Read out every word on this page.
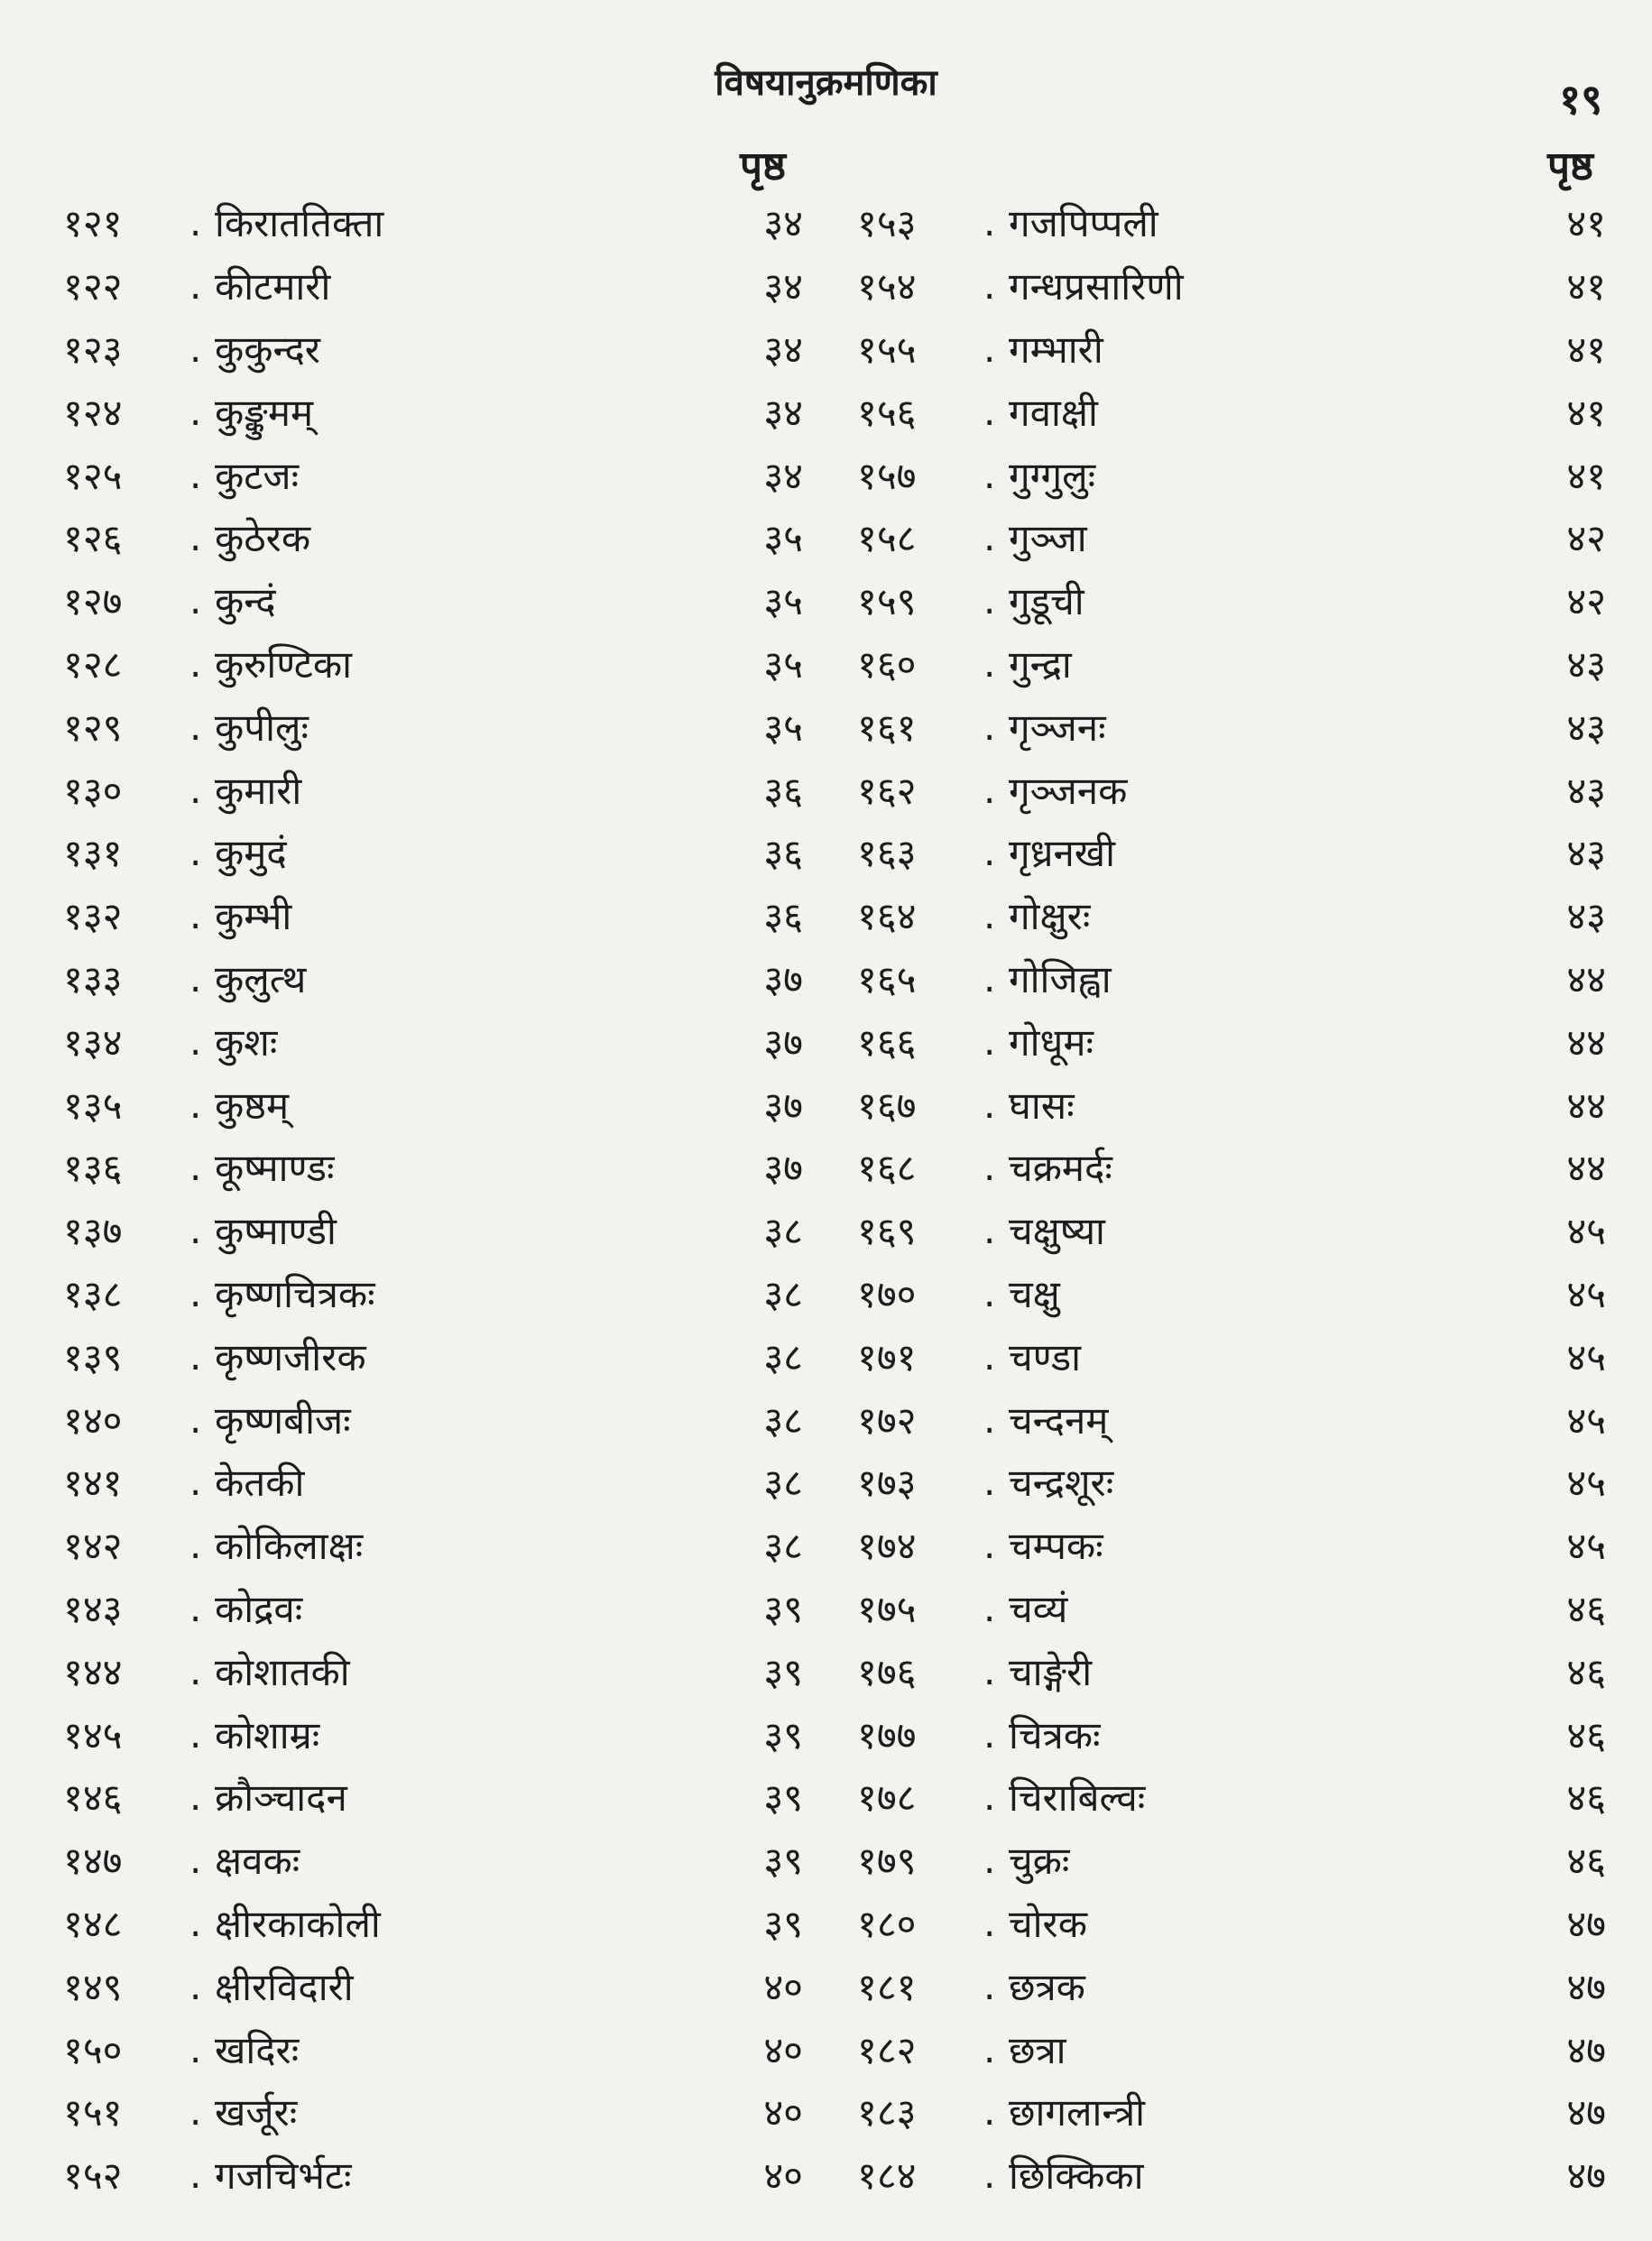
विषयानुक्रमणिका	१९
पृष्ठ	पृष्ठ
१२१	. किराततिक्ता	३४
१२२	. कीटमारी	३४
१२३	. कुकुन्दर	३४
१२४	. कुङ्कुमम्	३४
१२५	. कुटजः	३४
१२६	. कुठेरक	३५
१२७	. कुन्दं	३५
१२८	. कुरुण्टिका	३५
१२९	. कुपीलुः	३५
१३०	. कुमारी	३६
१३१	. कुमुदं	३६
१३२	. कुम्भी	३६
१३३	. कुलुत्थ	३७
१३४	. कुशः	३७
१३५	. कुष्ठम्	३७
१३६	. कूष्माण्डः	३७
१३७	. कुष्माण्डी	३८
१३८	. कृष्णचित्रकः	३८
१३९	. कृष्णजीरक	३८
१४०	. कृष्णबीजः	३८
१४१	. केतकी	३८
१४२	. कोकिलाक्षः	३८
१४३	. कोद्रवः	३९
१४४	. कोशातकी	३९
१४५	. कोशाम्रः	३९
१४६	. क्रौञ्चादन	३९
१४७	. क्षवकः	३९
१४८	. क्षीरकाकोली	३९
१४९	. क्षीरविदारी	४०
१५०	. खदिरः	४०
१५१	. खर्जूरः	४०
१५२	. गजचिर्भटः	४०
१५३	. गजपिप्पली	४१
१५४	. गन्धप्रसारिणी	४१
१५५	. गम्भारी	४१
१५६	. गवाक्षी	४१
१५७	. गुग्गुलुः	४१
१५८	. गुञ्जा	४२
१५९	. गुडूची	४२
१६०	. गुन्द्रा	४३
१६१	. गृञ्जनः	४३
१६२	. गृञ्जनक	४३
१६३	. गृध्रनखी	४३
१६४	. गोक्षुरः	४३
१६५	. गोजिह्वा	४४
१६६	. गोधूमः	४४
१६७	. घासः	४४
१६८	. चक्रमर्दः	४४
१६९	. चक्षुष्या	४५
१७०	. चक्षु	४५
१७१	. चण्डा	४५
१७२	. चन्दनम्	४५
१७३	. चन्द्रशूरः	४५
१७४	. चम्पकः	४५
१७५	. चव्यं	४६
१७६	. चाङ्गेरी	४६
१७७	. चित्रकः	४६
१७८	. चिराबिल्वः	४६
१७९	. चुक्रः	४६
१८०	. चोरक	४७
१८१	. छत्रक	४७
१८२	. छत्रा	४७
१८३	. छागलान्त्री	४७
१८४	. छिक्किका	४७
